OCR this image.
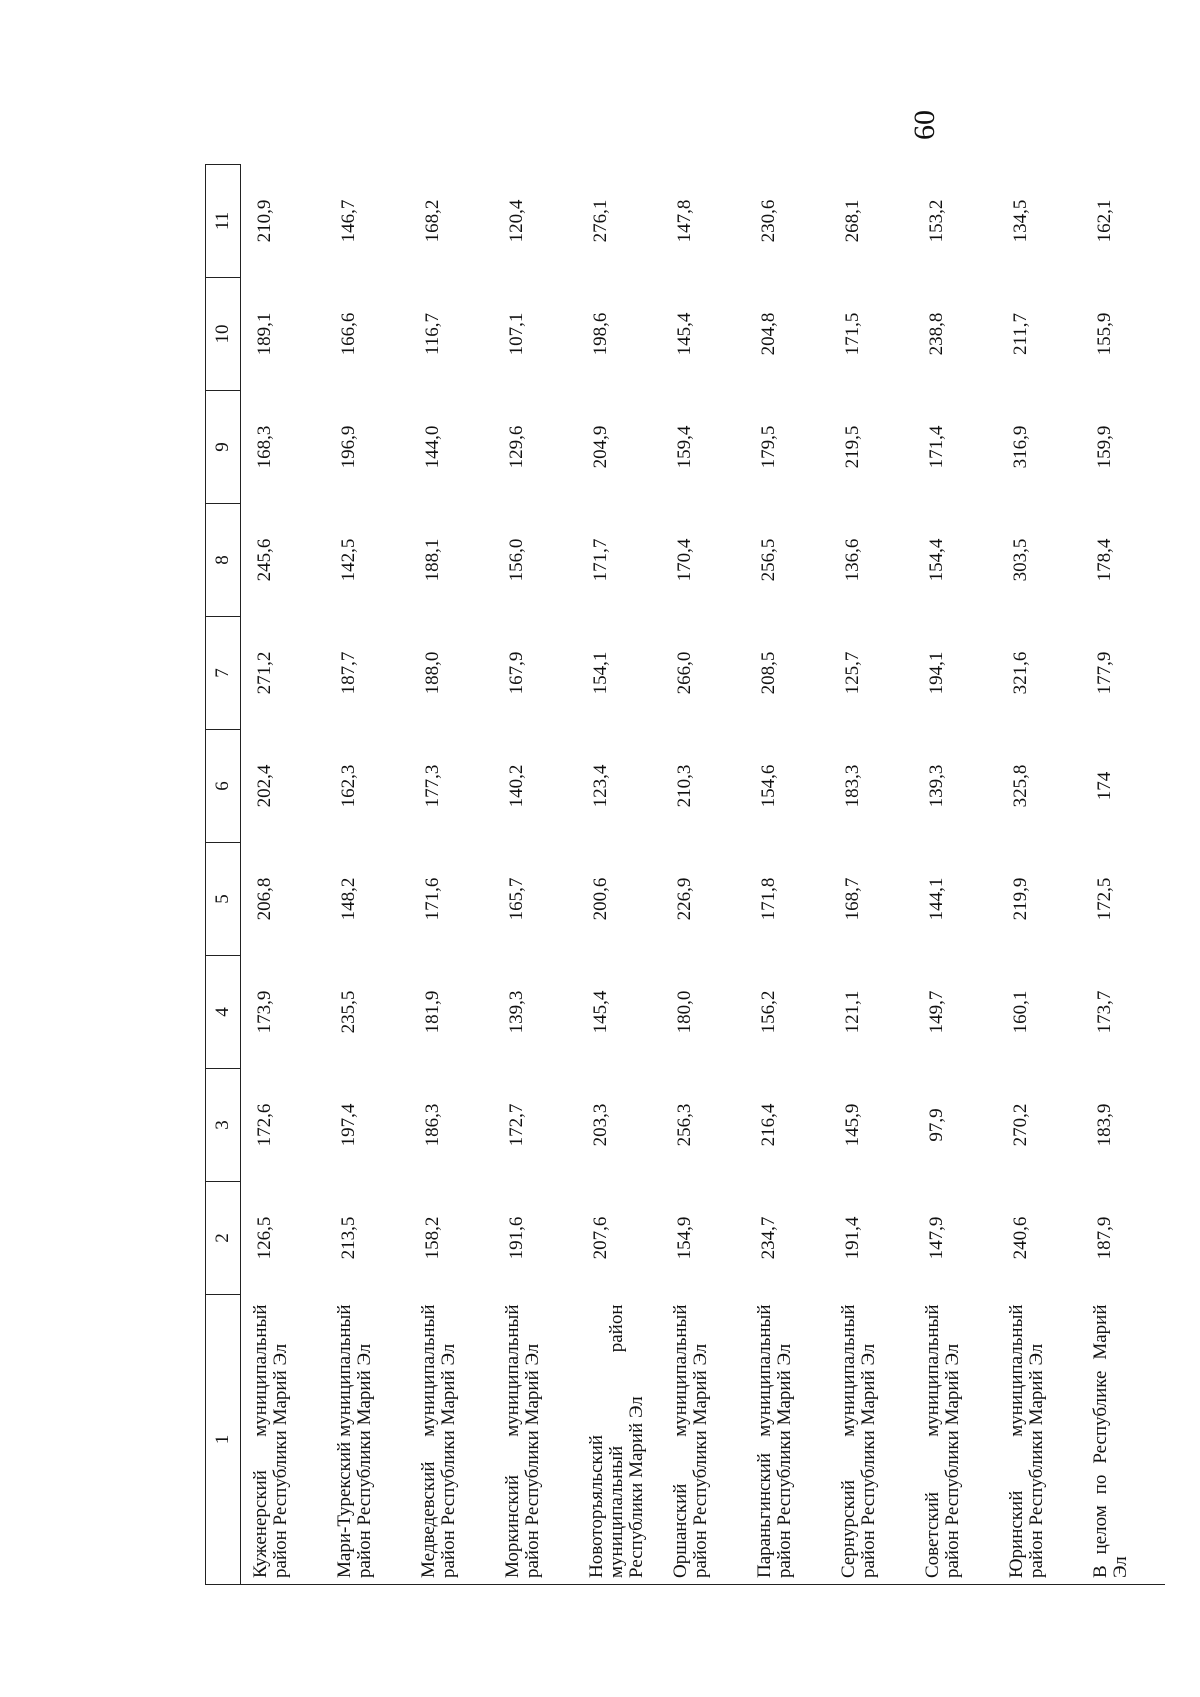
60
1	2	3	4	5	6	7	8	9	10	11
Куженерский муниципальный район Республики Марий Эл	126,5	172,6	173,9	206,8	202,4	271,2	245,6	168,3	189,1	210,9
Мари-Турекский муниципальный район Республики Марий Эл	213,5	197,4	235,5	148,2	162,3	187,7	142,5	196,9	166,6	146,7
Медведевский муниципальный район Республики Марий Эл	158,2	186,3	181,9	171,6	177,3	188,0	188,1	144,0	116,7	168,2
Моркинский муниципальный район Республики Марий Эл	191,6	172,7	139,3	165,7	140,2	167,9	156,0	129,6	107,1	120,4
Новоторъяльский муниципальный район Республики Марий Эл	207,6	203,3	145,4	200,6	123,4	154,1	171,7	204,9	198,6	276,1
Оршанский муниципальный район Республики Марий Эл	154,9	256,3	180,0	226,9	210,3	266,0	170,4	159,4	145,4	147,8
Параньгинский муниципальный район Республики Марий Эл	234,7	216,4	156,2	171,8	154,6	208,5	256,5	179,5	204,8	230,6
Сернурский муниципальный район Республики Марий Эл	191,4	145,9	121,1	168,7	183,3	125,7	136,6	219,5	171,5	268,1
Советский муниципальный район Республики Марий Эл	147,9	97,9	149,7	144,1	139,3	194,1	154,4	171,4	238,8	153,2
Юринский муниципальный район Республики Марий Эл	240,6	270,2	160,1	219,9	325,8	321,6	303,5	316,9	211,7	134,5
В целом по Республике Марий Эл	187,9	183,9	173,7	172,5	174	177,9	178,4	159,9	155,9	162,1
